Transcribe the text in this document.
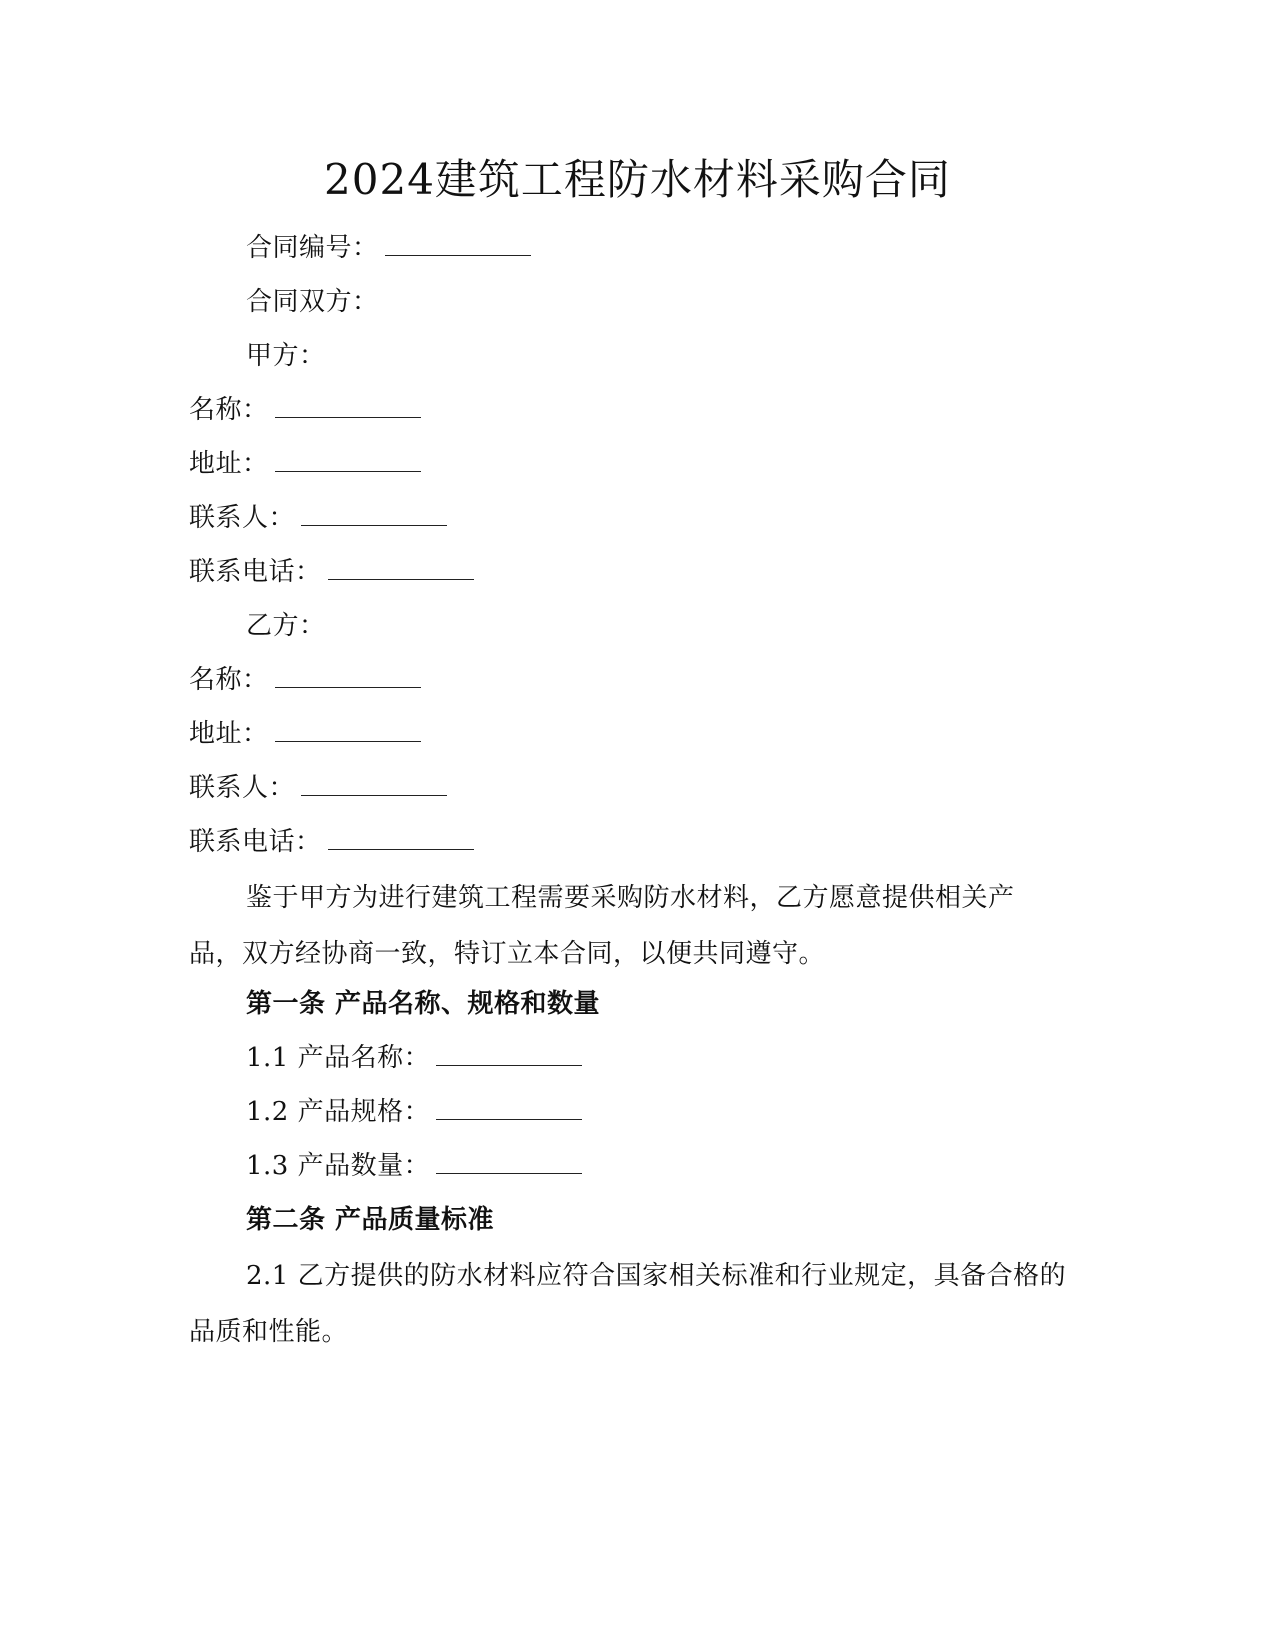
2024建筑工程防水材料采购合同
合同编号：
合同双方：
甲方：
名称：
地址：
联系人：
联系电话：
乙方：
名称：
地址：
联系人：
联系电话：
鉴于甲方为进行建筑工程需要采购防水材料，乙方愿意提供相关产品，双方经协商一致，特订立本合同，以便共同遵守。
第一条 产品名称、规格和数量
1.1 产品名称：
1.2 产品规格：
1.3 产品数量：
第二条 产品质量标准
2.1 乙方提供的防水材料应符合国家相关标准和行业规定，具备合格的品质和性能。
